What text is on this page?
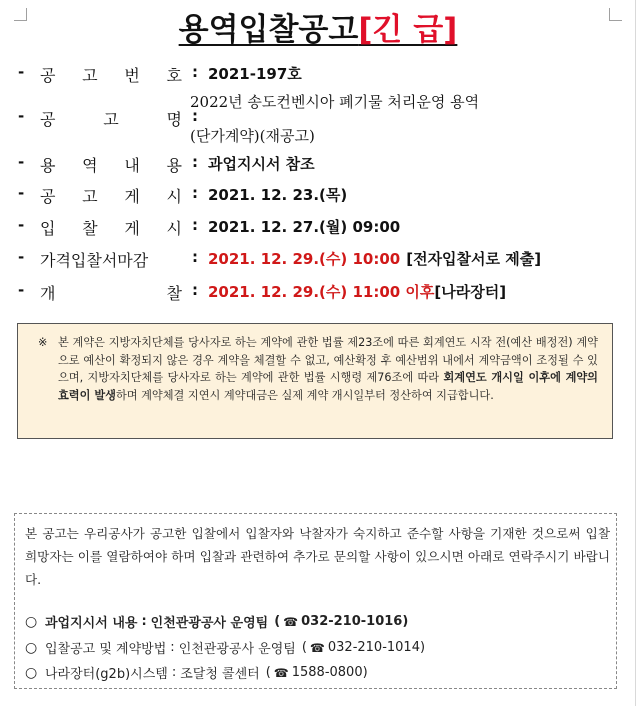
용역입찰공고[긴 급]
- 공 고 번 호 : 2021-197호
- 공	고	명 :
2022년 송도컨벤시아 폐기물 처리운영 용역
(단가계약)(재공고)
- 용 역 내 용 : 과업지시서 참조
- 공 고 게 시 : 2021. 12. 23.(목)
- 입 찰 게 시 : 2021. 12. 27.(월) 09:00
- 가격입찰서마감	: 2021. 12. 29.(수) 10:00 [전자입찰서로 제출]
- 개	찰 : 2021. 12. 29.(수) 11:00 이후 [나라장터]
※ 본 계약은 지방자치단체를 당사자로 하는 계약에 관한 법률 제23조에 따른 회계연도 시작 전(예산 배정전) 계약으로 예산이 확정되지 않은 경우 계약을 체결할 수 없고, 예산확정 후 예산범위 내에서 계약금액이 조정될 수 있으며, 지방자치단체를 당사자로 하는 계약에 관한 법률 시행령 제76조에 따라 회계연도 개시일 이후에 계약의 효력이 발생하며 계약체결 지연시 계약대금은 실제 계약 개시일부터 정산하여 지급합니다.
본 공고는 우리공사가 공고한 입찰에서 입찰자와 낙찰자가 숙지하고 준수할 사항을 기재한 것으로써 입찰 희망자는 이를 열람하여야 하며 입찰과 관련하여 추가로 문의할 사항이 있으시면 아래로 연락주시기 바랍니다.
○ 과업지시서 내용 : 인천관광공사 운영팀 ( ☎ 032-210-1016 )
○ 입찰공고 및 계약방법 : 인천관광공사 운영팀 ( ☎ 032-210-1014 )
○ 나라장터(g2b)시스템 : 조달청 콜센터 ( ☎ 1588-0800 )
